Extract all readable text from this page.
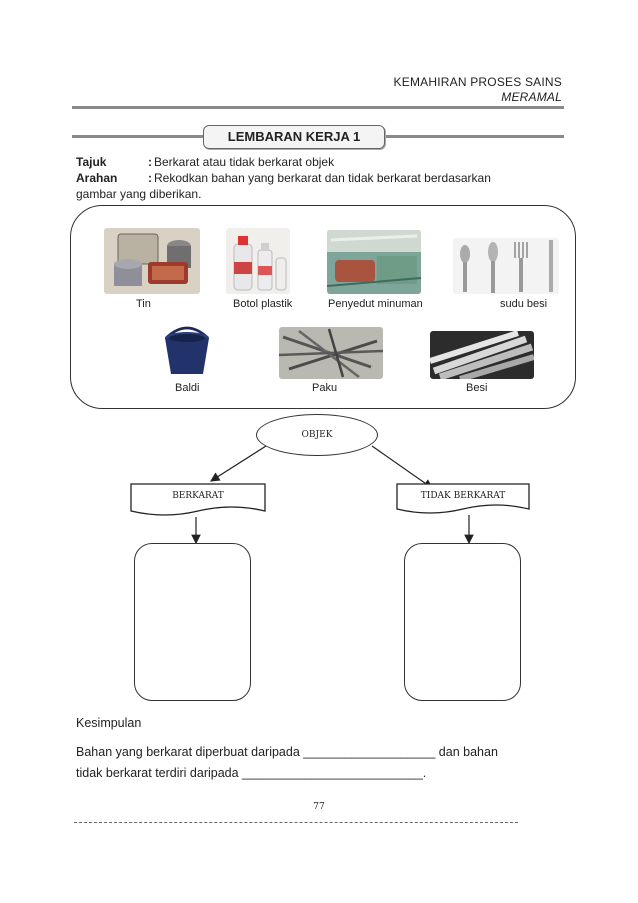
KEMAHIRAN PROSES SAINS
MERAMAL
LEMBARAN KERJA 1
Tajuk	: Berkarat atau tidak berkarat objek
Arahan	: Rekodkan bahan yang berkarat dan tidak berkarat berdasarkan
gambar yang diberikan.
Tin	Botol plastik	Penyedut minuman	sudu besi
Baldi	Paku	Besi
OBJEK
BERKARAT	TIDAK BERKARAT
Kesimpulan
Bahan yang berkarat diperbuat daripada ___________________ dan bahan
tidak berkarat terdiri daripada __________________________.
77
